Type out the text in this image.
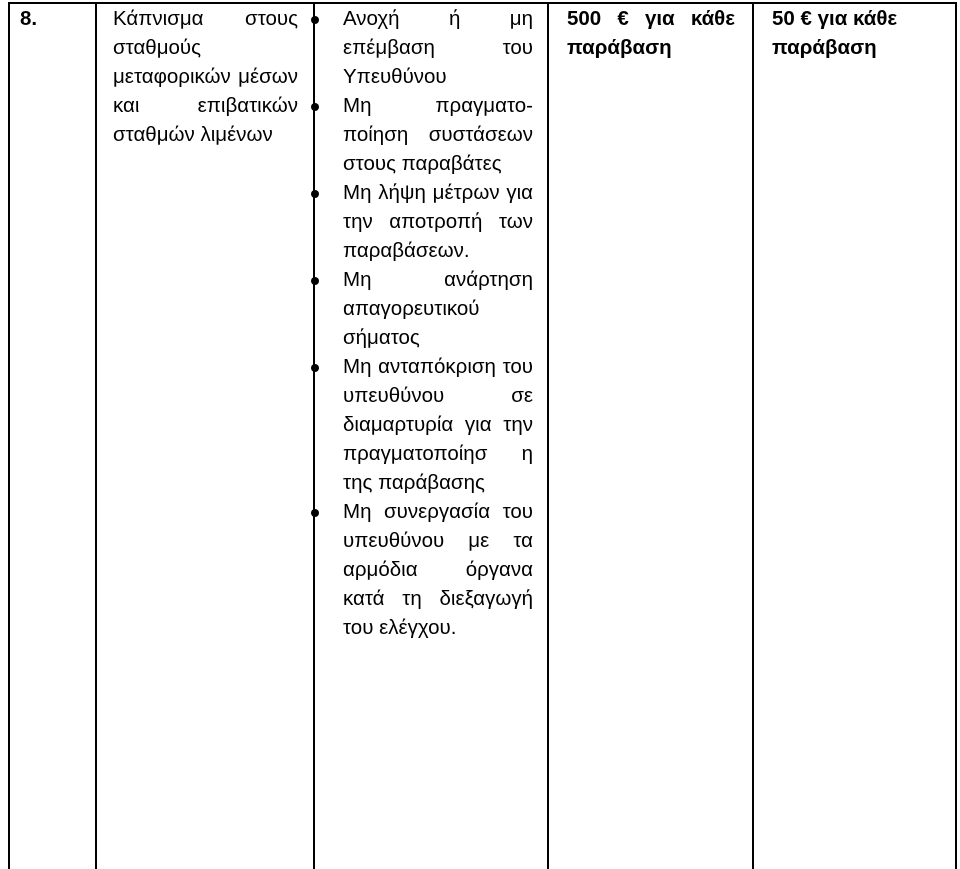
8.	Κάπνισμα στους σταθμούς μεταφορικών μέσων και επιβατικών σταθμών λιμένων
Ανοχή ή μη επέμβαση του Υπευθύνου
Μη πραγματο- ποίηση συστάσεων στους παραβάτες
Μη λήψη μέτρων για την αποτροπή των παραβάσεων.
Μη ανάρτηση απαγορευτικού σήματος
Μη ανταπόκριση του υπευθύνου σε διαμαρτυρία για την πραγματοποίησ η της παράβασης
Μη συνεργασία του υπευθύνου με τα αρμόδια όργανα κατά τη διεξαγωγή του ελέγχου.
500 € για κάθε παράβαση
50 € για κάθε παράβαση
